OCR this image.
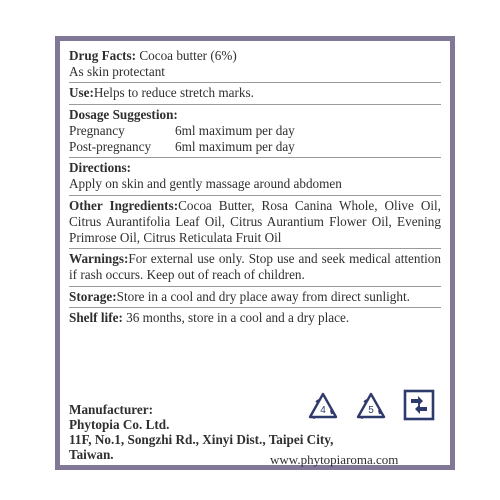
Drug Facts: Cocoa butter (6%)
As skin protectant
Use:Helps to reduce stretch marks.
Dosage Suggestion:
Pregnancy	6ml maximum per day
Post-pregnancy	6ml maximum per day
Directions:
Apply on skin and gently massage around abdomen
Other Ingredients:Cocoa Butter, Rosa Canina Whole, Olive Oil, Citrus Aurantifolia Leaf Oil, Citrus Aurantium Flower Oil, Evening Primrose Oil, Citrus Reticulata Fruit Oil
Warnings:For external use only. Stop use and seek medical attention if rash occurs. Keep out of reach of children.
Storage:Store in a cool and dry place away from direct sunlight.
Shelf life: 36 months, store in a cool and a dry place.
Manufacturer:
Phytopia Co. Ltd.
11F, No.1, Songzhi Rd., Xinyi Dist., Taipei City,
Taiwan.
4	5
www.phytopiaroma.com
